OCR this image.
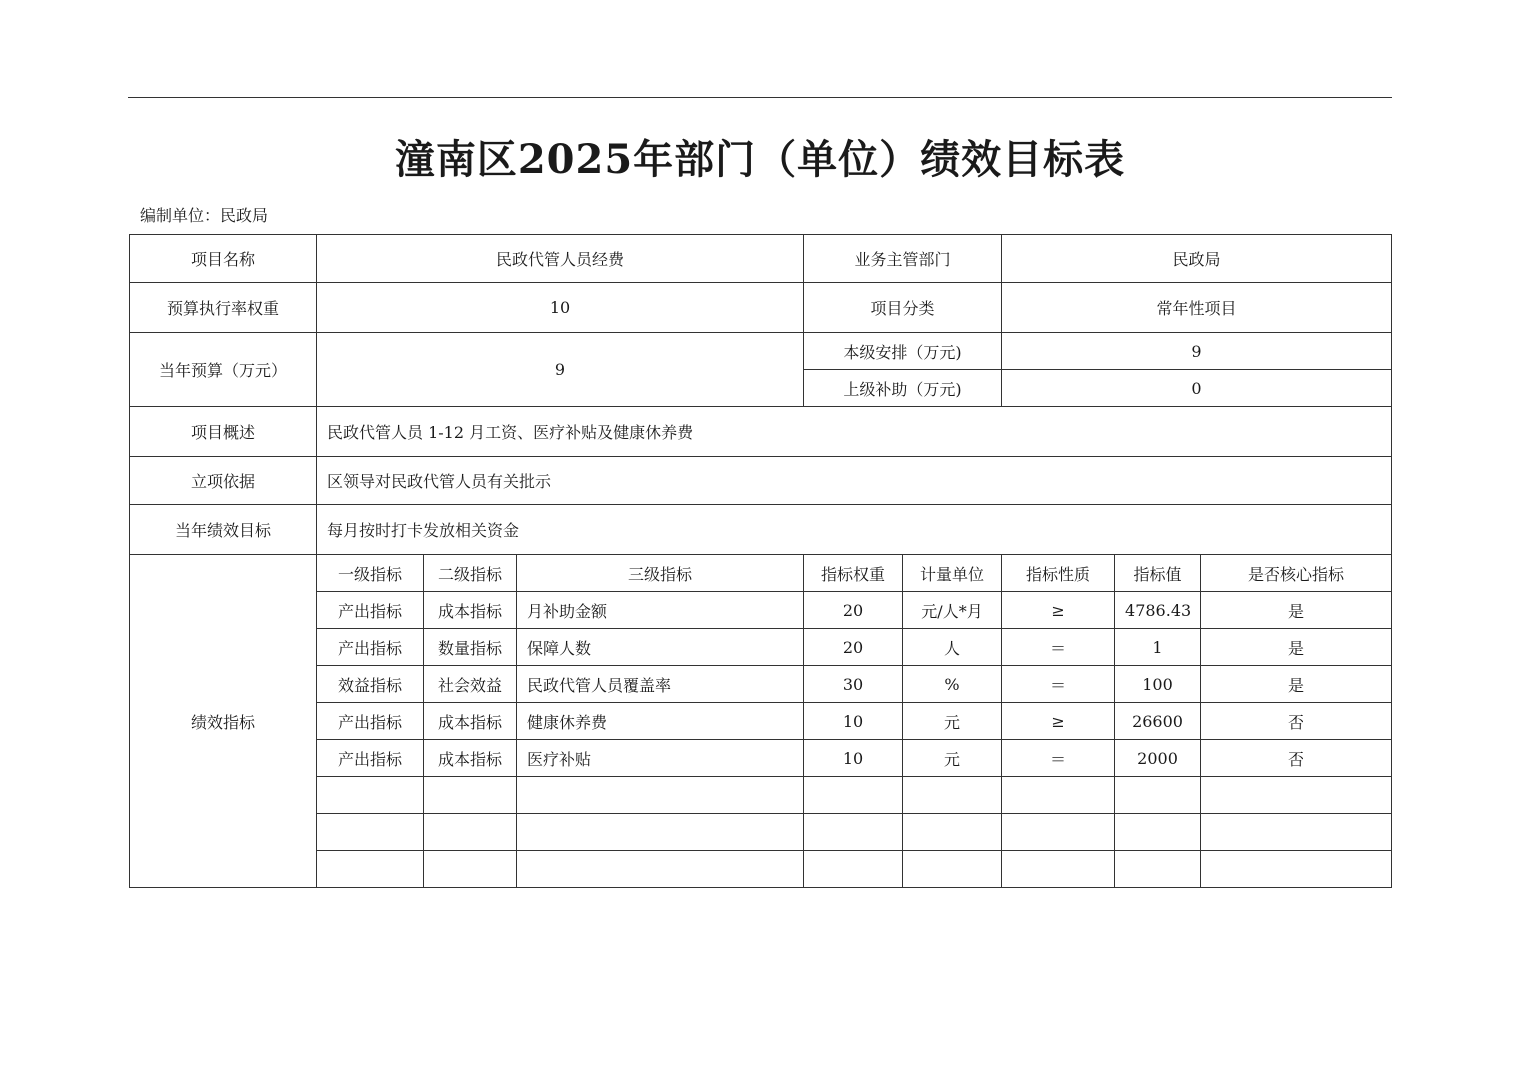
潼南区2025年部门（单位）绩效目标表
编制单位：民政局
项目名称	民政代管人员经费			业务主管部门		民政局		
预算执行率权重	10			项目分类		常年性项目		
当年预算（万元）	9			本级安排（万元)		9		
				上级补助（万元)		0		
项目概述	民政代管人员 1-12 月工资、医疗补贴及健康休养费							
立项依据	区领导对民政代管人员有关批示							
当年绩效目标	每月按时打卡发放相关资金							
绩效指标	一级指标	二级指标	三级指标	指标权重	计量单位	指标性质	指标值	是否核心指标
	产出指标	成本指标	月补助金额	20	元/人*月	≥	4786.43	是
	产出指标	数量指标	保障人数	20	人	＝	1	是
	效益指标	社会效益	民政代管人员覆盖率	30	%	＝	100	是
	产出指标	成本指标	健康休养费	10	元	≥	26600	否
	产出指标	成本指标	医疗补贴	10	元	＝	2000	否
